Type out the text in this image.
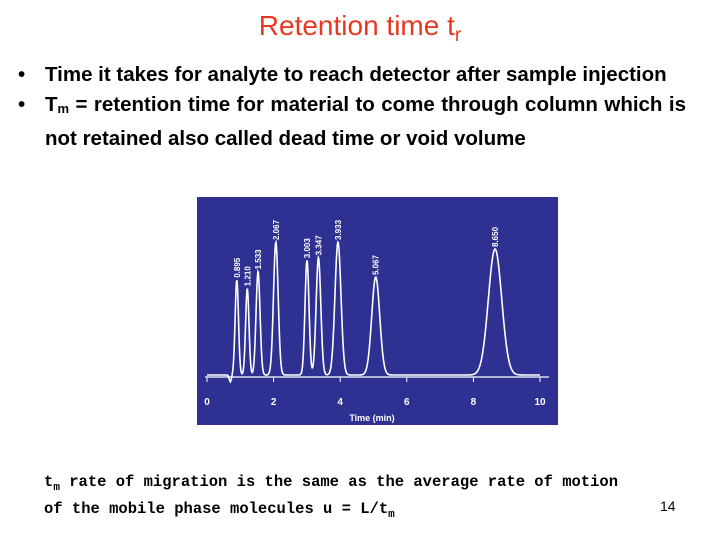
Retention time $t_r$
• Time it takes for analyte to reach detector after sample injection
• $T_m$ = retention time for material to come through column which is not retained also called dead time or void volume
0.895 1.210
1.533
2.067
3.003 3.347
3.933
5.067
8.650
0	2	4	6	8	10
Time (min)
$t_m$ rate of migration is the same as the average rate of motion
of the mobile phase molecules $u = L/t_m$
14
